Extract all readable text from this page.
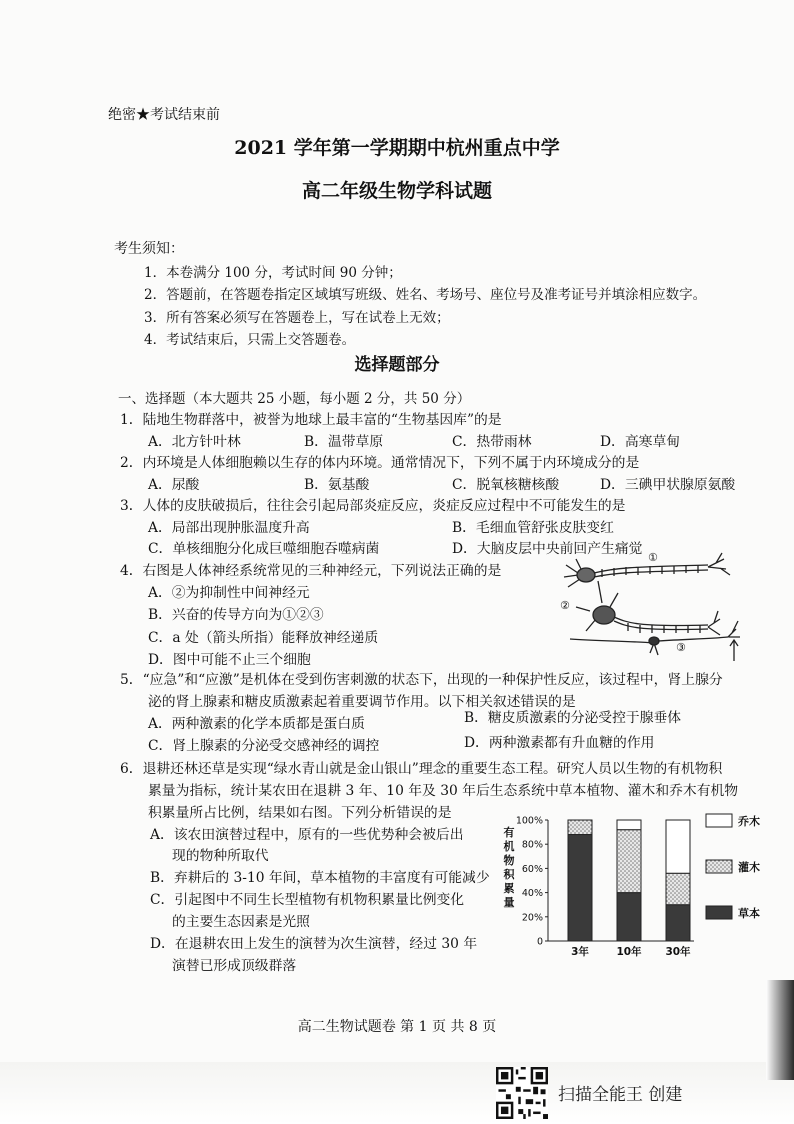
绝密★考试结束前
2021 学年第一学期期中杭州重点中学
高二年级生物学科试题
考生须知：
1．本卷满分 100 分，考试时间 90 分钟；
2．答题前，在答题卷指定区域填写班级、姓名、考场号、座位号及准考证号并填涂相应数字。
3．所有答案必须写在答题卷上，写在试卷上无效；
4．考试结束后，只需上交答题卷。
选择题部分
一、选择题（本大题共 25 小题，每小题 2 分，共 50 分）
1．陆地生物群落中，被誉为地球上最丰富的“生物基因库”的是
A．北方针叶林	B．温带草原	C．热带雨林	D．高寒草甸
2．内环境是人体细胞赖以生存的体内环境。通常情况下，下列不属于内环境成分的是
A．尿酸	B．氨基酸	C．脱氧核糖核酸	D．三碘甲状腺原氨酸
3．人体的皮肤破损后，往往会引起局部炎症反应，炎症反应过程中不可能发生的是
A．局部出现肿胀温度升高	B．毛细血管舒张皮肤变红
C．单核细胞分化成巨噬细胞吞噬病菌	D．大脑皮层中央前回产生痛觉
4．右图是人体神经系统常见的三种神经元，下列说法正确的是
A．②为抑制性中间神经元
B．兴奋的传导方向为①②③
C．a 处（箭头所指）能释放神经递质
D．图中可能不止三个细胞
①
②
③
5．“应急”和“应激”是机体在受到伤害刺激的状态下，出现的一种保护性反应，该过程中，肾上腺分
泌的肾上腺素和糖皮质激素起着重要调节作用。以下相关叙述错误的是
A．两种激素的化学本质都是蛋白质	B．糖皮质激素的分泌受控于腺垂体
C．肾上腺素的分泌受交感神经的调控	D．两种激素都有升血糖的作用
6．退耕还林还草是实现“绿水青山就是金山银山”理念的重要生态工程。研究人员以生物的有机物积
累量为指标，统计某农田在退耕 3 年、10 年及 30 年后生态系统中草本植物、灌木和乔木有机物
积累量所占比例，结果如右图。下列分析错误的是
A．该农田演替过程中，原有的一些优势种会被后出
现的物种所取代
B．弃耕后的 3-10 年间，草本植物的丰富度有可能减少
C．引起图中不同生长型植物有机物积累量比例变化
的主要生态因素是光照
D．在退耕农田上发生的演替为次生演替，经过 30 年
演替已形成顶级群落
有
机
物
积
累
量
0
20%
40%
60%
80%
100%
3年	10年 30年
乔木
灌木
草本
高二生物试题卷 第 1 页 共 8 页
扫描全能王 创建
